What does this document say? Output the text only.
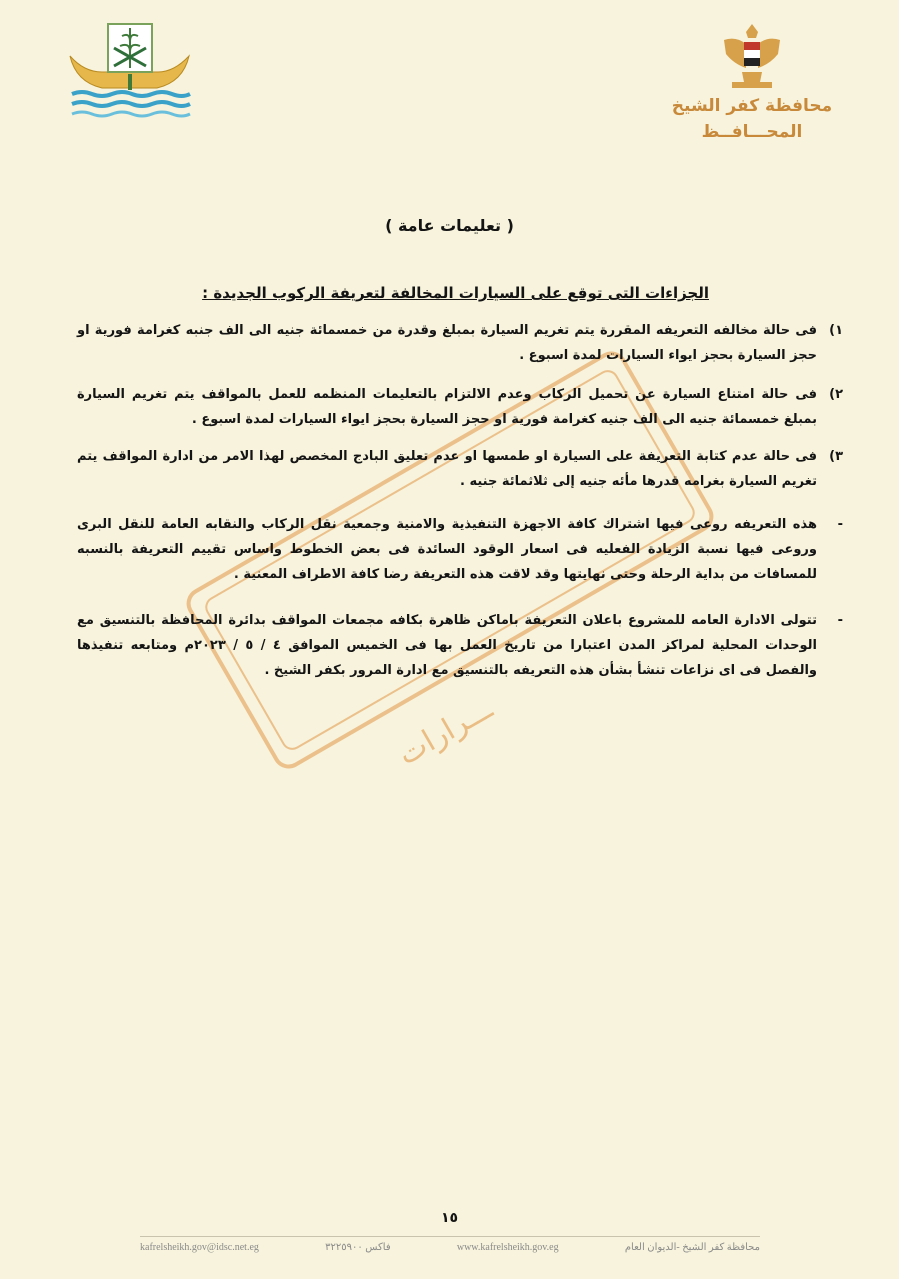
محافظة كفر الشيخ
المحـــافــظ
ـــرارات
( تعليمات عامة )
الجزاءات التى توقع على السيارات المخالفة لتعريفة الركوب الجديدة :
١)
فى حالة مخالفه التعريفه المقررة يتم تغريم السيارة بمبلغ وقدرة من خمسمائة جنيه الى الف جنبه كغرامة فورية او حجز السيارة بحجز ايواء السيارات لمدة اسبوع .
٢)
فى حالة امتناع السيارة عن تحميل الركاب وعدم الالتزام بالتعليمات المنظمه للعمل بالمواقف يتم تغريم السيارة بمبلغ خمسمائة جنيه الى الف جنيه كغرامة فورية او حجز السيارة بحجز ايواء السيارات لمدة اسبوع .
٣)
فى حالة عدم كتابة التعريفة على السيارة او طمسها او عدم تعليق البادج المخصص لهذا الامر من ادارة المواقف يتم تغريم السيارة بغرامه قدرها مأئه جنيه إلى ثلاثمائة جنيه .
-
هذه التعريفه روعى فيها اشتراك كافة الاجهزة التنفيذية والامنية وجمعية نقل الركاب والنقابه العامة للنقل البرى وروعى فيها نسبة الزيادة الفعليه فى اسعار الوقود السائدة فى بعض الخطوط واساس تقييم التعريفة بالنسبه للمسافات من بداية الرحلة وحتى نهايتها وقد لاقت هذه التعريفة رضا كافة الاطراف المعنية .
-
تتولى الادارة العامه للمشروع باعلان التعريفة باماكن ظاهرة بكافه مجمعات المواقف بدائرة المحافظة بالتنسيق مع الوحدات المحلية لمراكز المدن اعتبارا من تاريخ العمل بها فى الخميس الموافق ٤ / ٥ / ٢٠٢٣م ومتابعه تنفيذها والفصل فى اى نزاعات تنشأ بشأن هذه التعريفه بالتنسيق مع ادارة المرور بكفر الشيخ .
١٥
kafrelsheikh.gov@idsc.net.eg	فاكس ٣٢٢٥٩٠٠	www.kafrelsheikh.gov.eg	محافظة كفر الشيخ -الديوان العام
